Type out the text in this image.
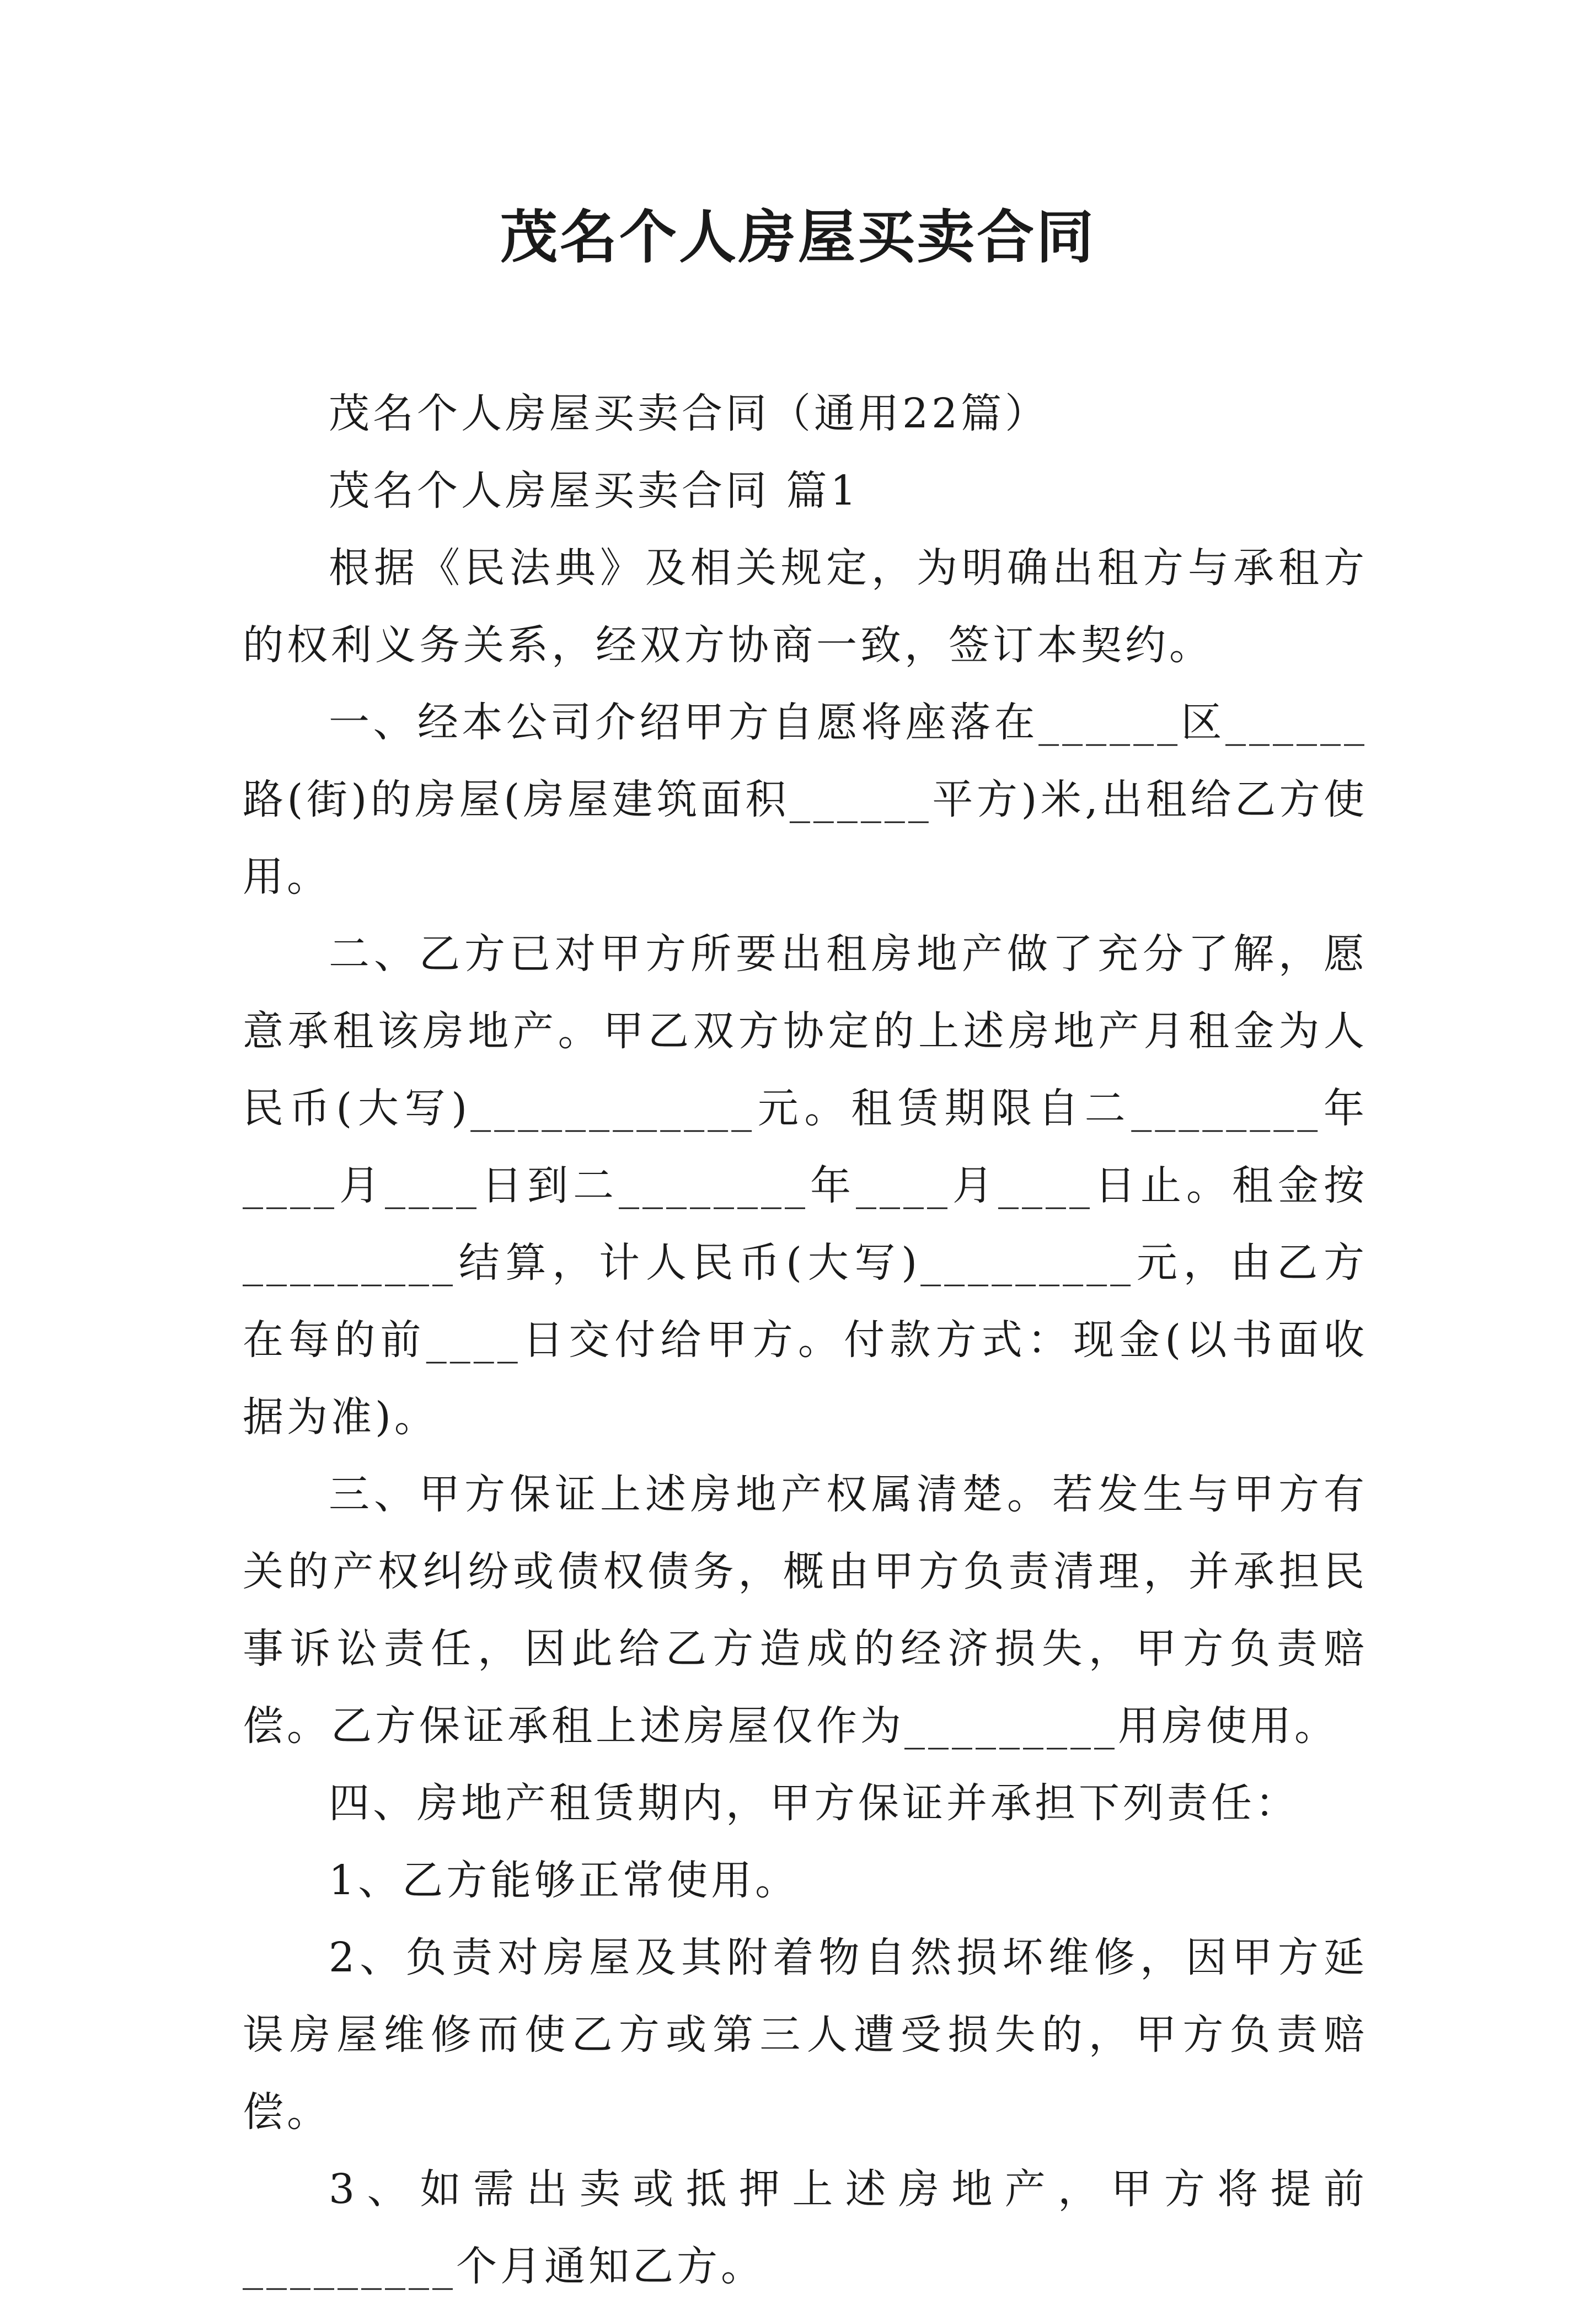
茂名个人房屋买卖合同

茂名个人房屋买卖合同（通用22篇）

茂名个人房屋买卖合同 篇1

根据《民法典》及相关规定，为明确出租方与承租方的权利义务关系，经双方协商一致，签订本契约。

一、经本公司介绍甲方自愿将座落在______区______路(街)的房屋(房屋建筑面积______平方)米,出租给乙方使用。

二、乙方已对甲方所要出租房地产做了充分了解，愿意承租该房地产。甲乙双方协定的上述房地产月租金为人民币(大写)____________元。租赁期限自二________年____月____日到二________年____月____日止。租金按_________结算，计人民币(大写)_________元，由乙方在每的前____日交付给甲方。付款方式：现金(以书面收据为准)。

三、甲方保证上述房地产权属清楚。若发生与甲方有关的产权纠纷或债权债务，概由甲方负责清理，并承担民事诉讼责任，因此给乙方造成的经济损失，甲方负责赔偿。乙方保证承租上述房屋仅作为_________用房使用。

四、房地产租赁期内，甲方保证并承担下列责任：

1、乙方能够正常使用。

2、负责对房屋及其附着物自然损坏维修，因甲方延误房屋维修而使乙方或第三人遭受损失的，甲方负责赔偿。

3、如需出卖或抵押上述房地产，甲方将提前_________个月通知乙方。
